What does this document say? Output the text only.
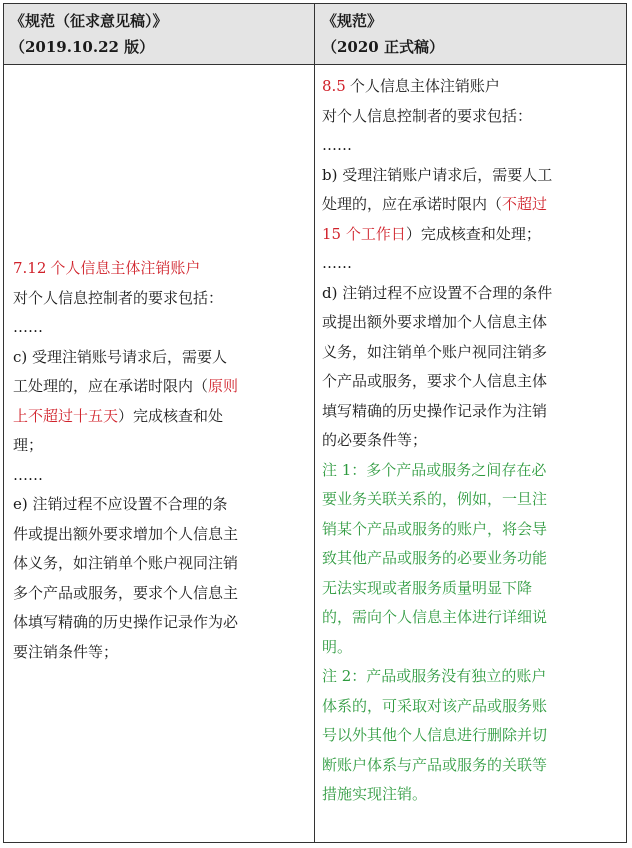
《规范（征求意见稿）》
（2019.10.22 版）
《规范》
（2020 正式稿）
7.12 个人信息主体注销账户
对个人信息控制者的要求包括：
……
c) 受理注销账号请求后，需要人
工处理的，应在承诺时限内（原则
上不超过十五天）完成核查和处
理；
……
e) 注销过程不应设置不合理的条
件或提出额外要求增加个人信息主
体义务，如注销单个账户视同注销
多个产品或服务，要求个人信息主
体填写精确的历史操作记录作为必
要注销条件等；
8.5 个人信息主体注销账户
对个人信息控制者的要求包括：
……
b) 受理注销账户请求后，需要人工
处理的，应在承诺时限内（不超过
15 个工作日）完成核查和处理；
……
d) 注销过程不应设置不合理的条件
或提出额外要求增加个人信息主体
义务，如注销单个账户视同注销多
个产品或服务，要求个人信息主体
填写精确的历史操作记录作为注销
的必要条件等；
注 1：多个产品或服务之间存在必
要业务关联关系的，例如，一旦注
销某个产品或服务的账户，将会导
致其他产品或服务的必要业务功能
无法实现或者服务质量明显下降
的，需向个人信息主体进行详细说
明。
注 2：产品或服务没有独立的账户
体系的，可采取对该产品或服务账
号以外其他个人信息进行删除并切
断账户体系与产品或服务的关联等
措施实现注销。
